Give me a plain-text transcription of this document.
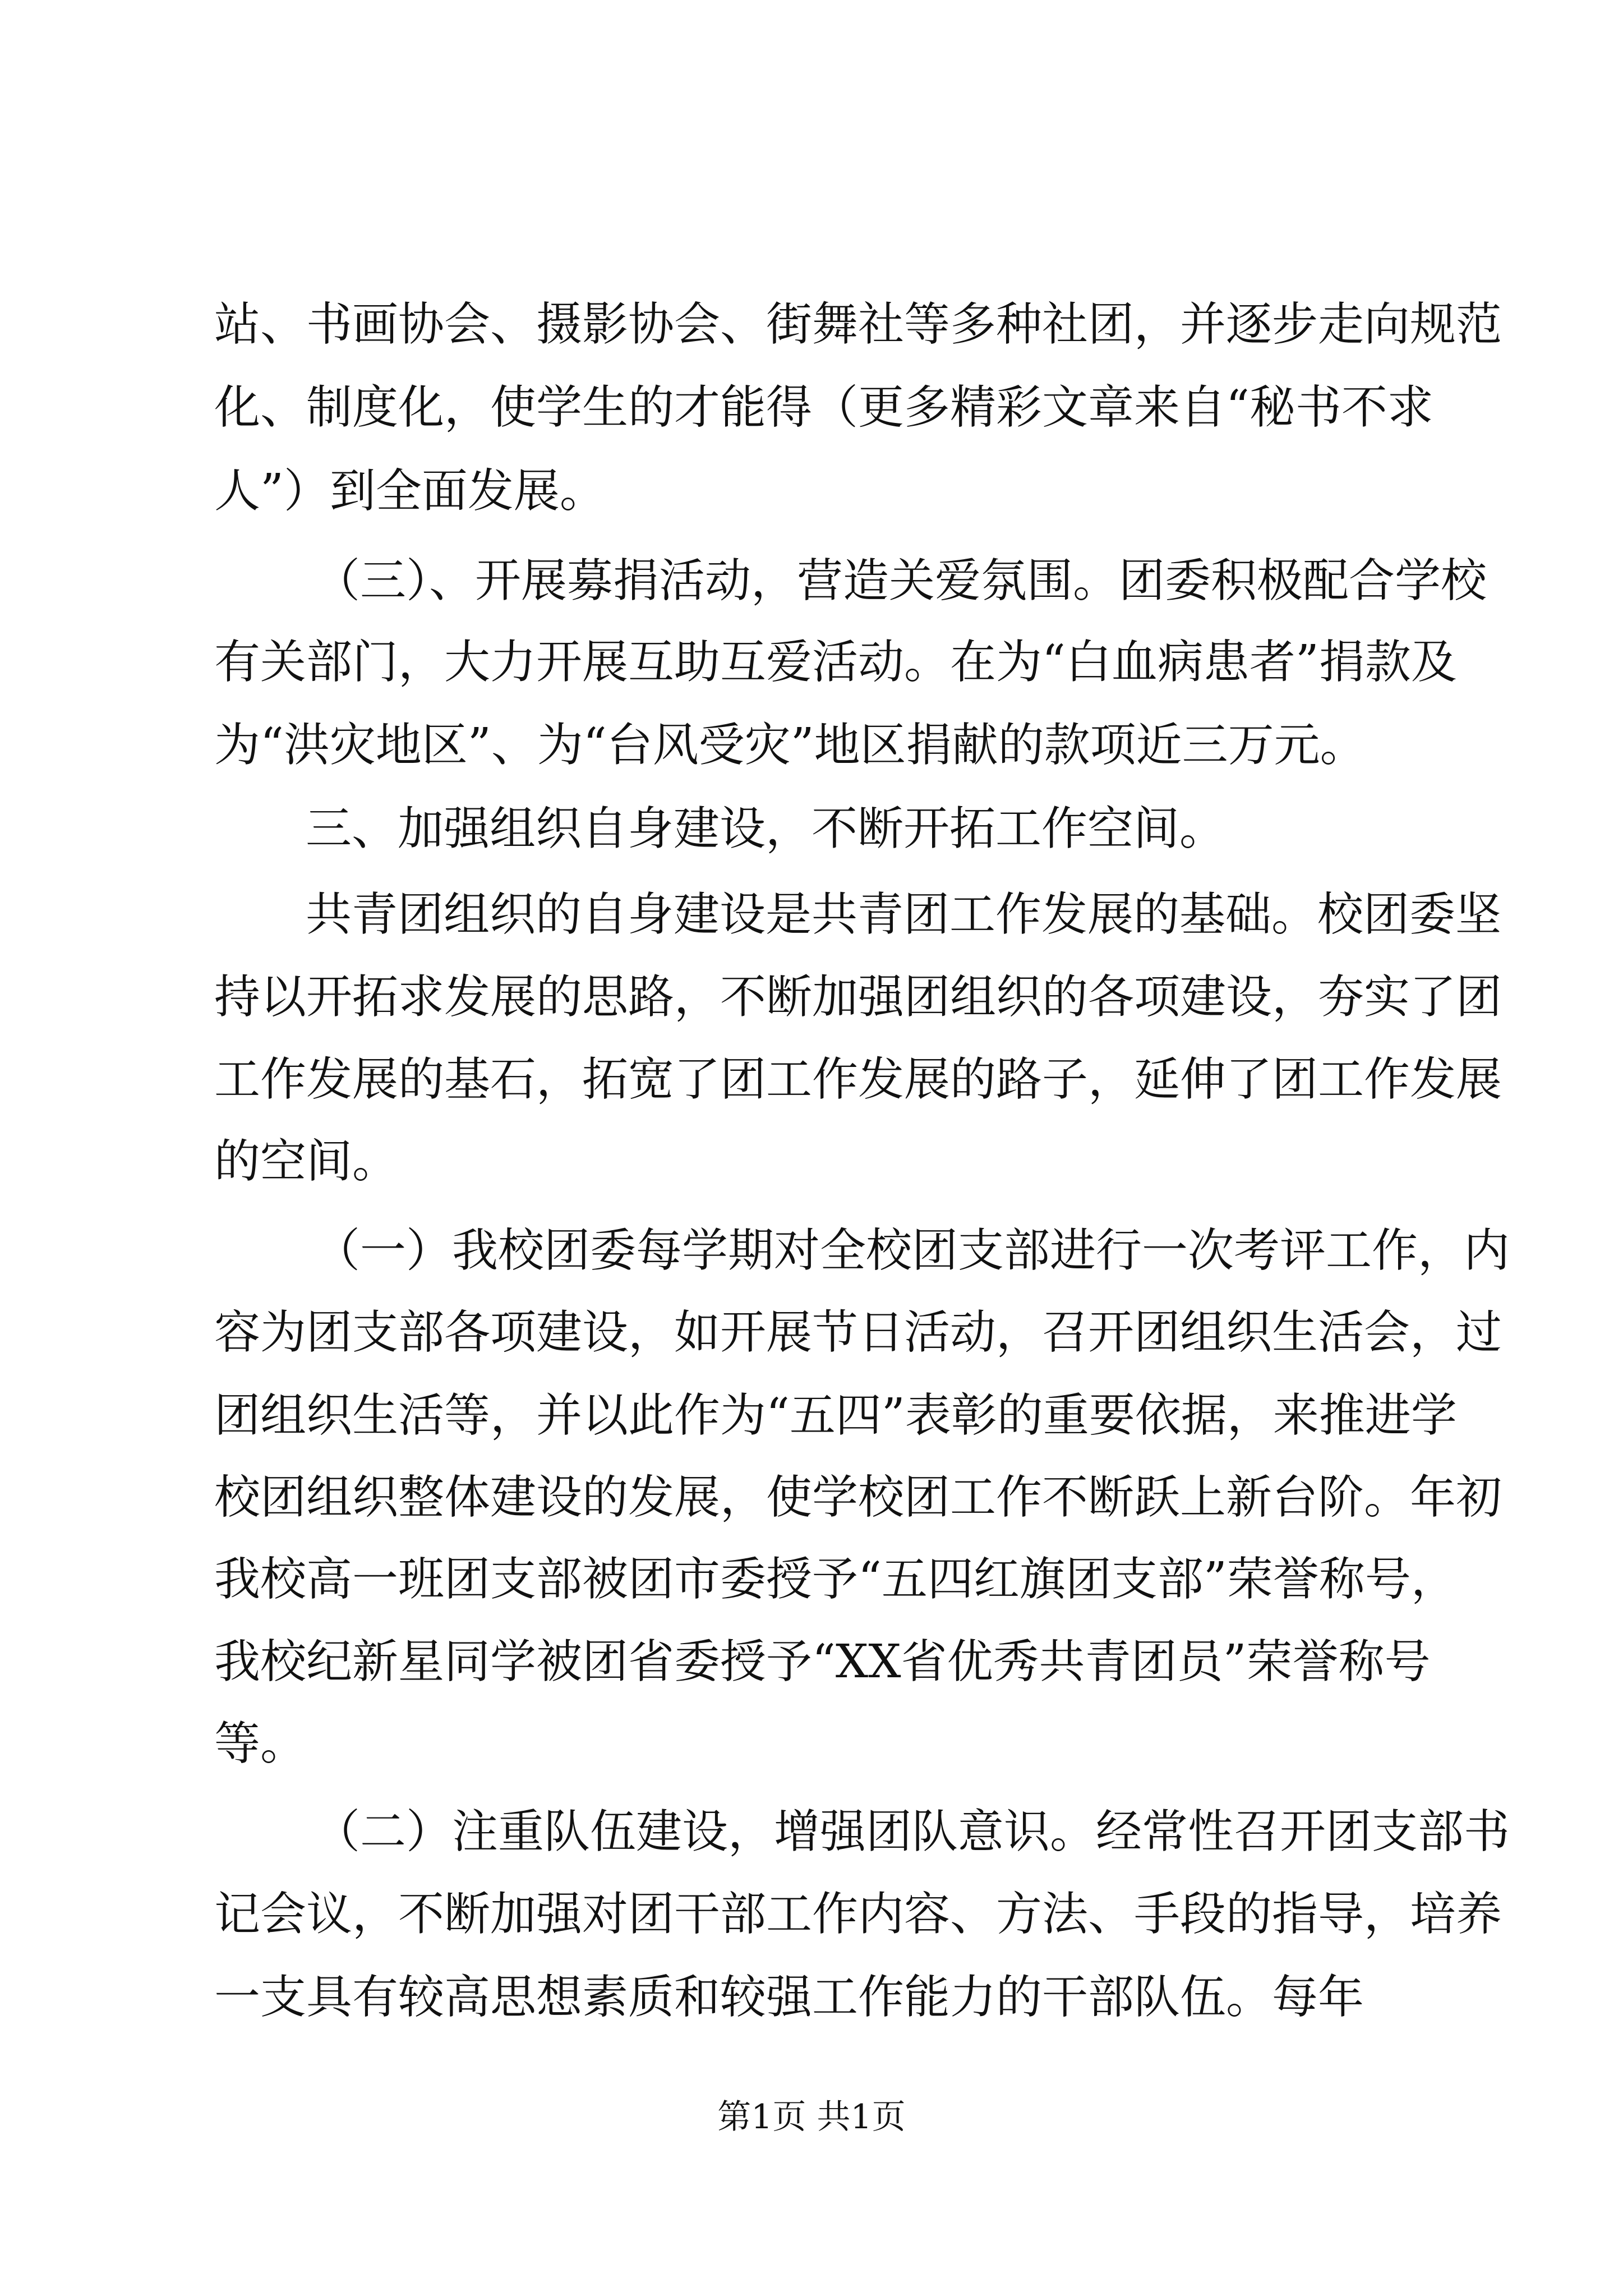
站、书画协会、摄影协会、街舞社等多种社团，并逐步走向规范
化、制度化，使学生的才能得（更多精彩文章来自“秘书不求
人”）到全面发展。
（三）、开展募捐活动，营造关爱氛围。团委积极配合学校
有关部门，大力开展互助互爱活动。在为“白血病患者”捐款及
为“洪灾地区”、为“台风受灾”地区捐献的款项近三万元。
三、加强组织自身建设，不断开拓工作空间。
共青团组织的自身建设是共青团工作发展的基础。校团委坚
持以开拓求发展的思路，不断加强团组织的各项建设，夯实了团
工作发展的基石，拓宽了团工作发展的路子，延伸了团工作发展
的空间。
（一）我校团委每学期对全校团支部进行一次考评工作，内
容为团支部各项建设，如开展节日活动，召开团组织生活会，过
团组织生活等，并以此作为“五四”表彰的重要依据，来推进学
校团组织整体建设的发展，使学校团工作不断跃上新台阶。年初
我校高一班团支部被团市委授予“五四红旗团支部”荣誉称号，
我校纪新星同学被团省委授予“XX省优秀共青团员”荣誉称号
等。
（二）注重队伍建设，增强团队意识。经常性召开团支部书
记会议，不断加强对团干部工作内容、方法、手段的指导，培养
一支具有较高思想素质和较强工作能力的干部队伍。每年
第1页 共1页
